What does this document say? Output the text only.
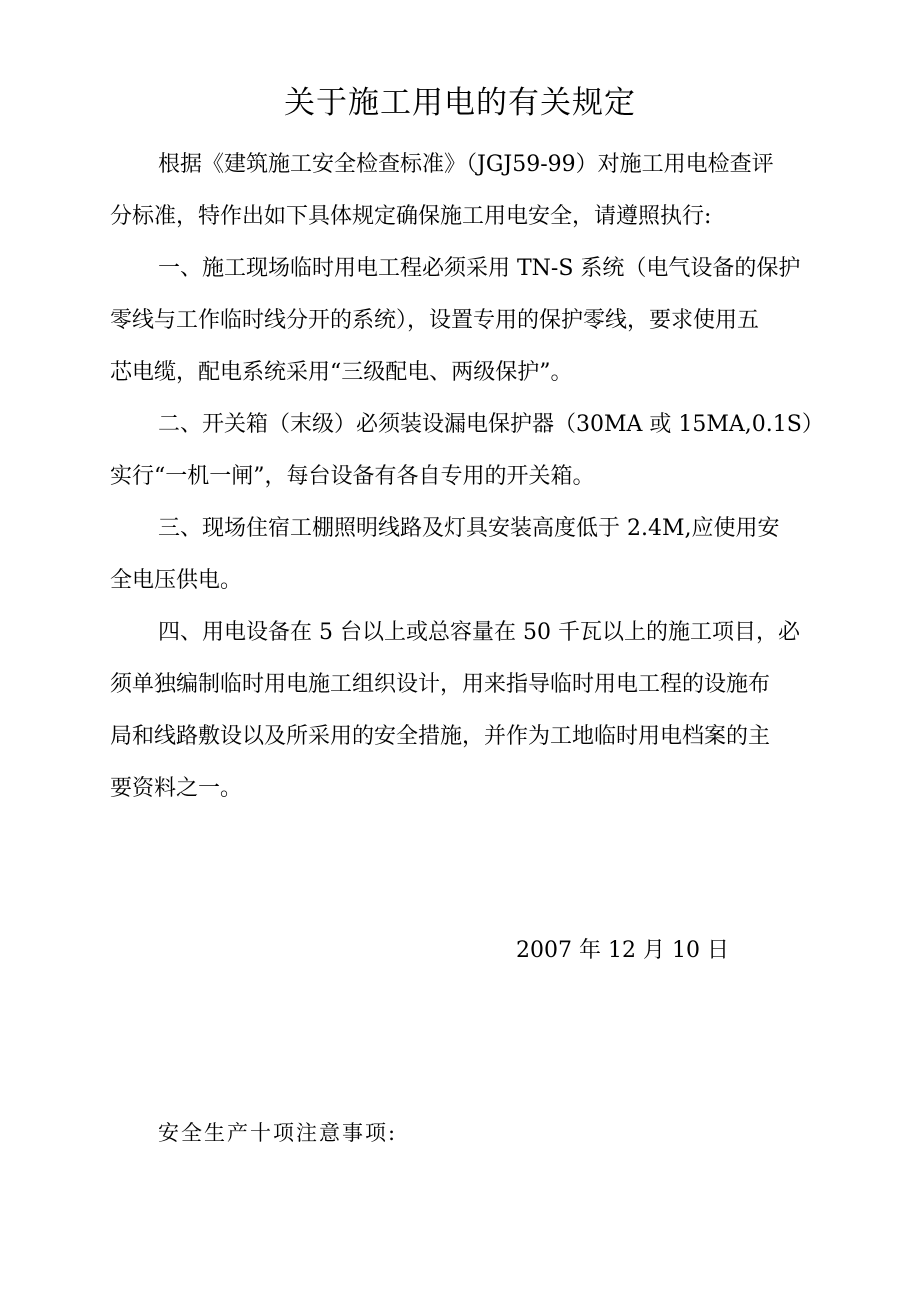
关于施工用电的有关规定
根据《建筑施工安全检查标准》（JGJ59-99）对施工用电检查评
分标准，特作出如下具体规定确保施工用电安全，请遵照执行:
一、施工现场临时用电工程必须采用 TN-S 系统（电气设备的保护
零线与工作临时线分开的系统），设置专用的保护零线，要求使用五
芯电缆，配电系统采用“三级配电、两级保护”。
二、开关箱（末级）必须装设漏电保护器（30MA 或 15MA,0.1S）
实行“一机一闸”，每台设备有各自专用的开关箱。
三、现场住宿工棚照明线路及灯具安装高度低于 2.4M,应使用安
全电压供电。
四、用电设备在 5 台以上或总容量在 50 千瓦以上的施工项目，必
须单独编制临时用电施工组织设计，用来指导临时用电工程的设施布
局和线路敷设以及所采用的安全措施，并作为工地临时用电档案的主
要资料之一。
2007 年 12 月 10 日
安全生产十项注意事项:
